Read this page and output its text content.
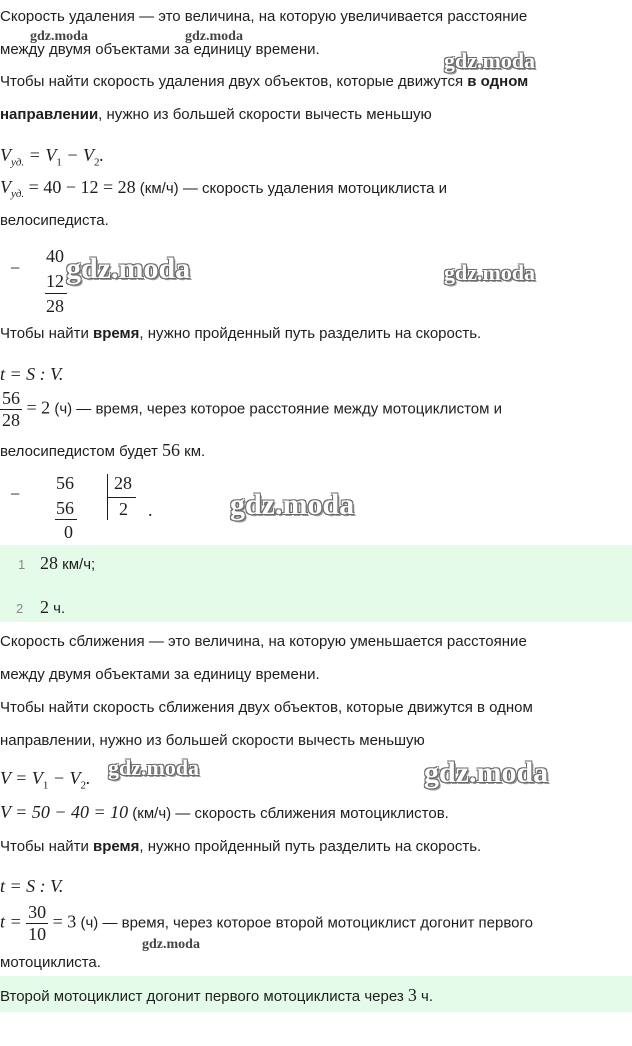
Скорость удаления — это величина, на которую увеличивается расстояние
между двумя объектами за единицу времени.
Чтобы найти скорость удаления двух объектов, которые движутся в одном
направлении, нужно из большей скорости вычесть меньшую
$V_{уд.} = V_1 - V_2$.
$V_{уд.} = 40 - 12 = 28$ (км/ч) — скорость удаления мотоциклиста и
велосипедиста.
−
40
12
28
Чтобы найти время, нужно пройденный путь разделить на скорость.
t = S : V.
$\frac{56}{28} = 2$ (ч) — время, через которое расстояние между мотоциклистом и
велосипедистом будет 56 км.
−
56
56
0
28
2 .
1 28 км/ч;
2 2 ч.
Скорость сближения — это величина, на которую уменьшается расстояние
между двумя объектами за единицу времени.
Чтобы найти скорость сближения двух объектов, которые движутся в одном
направлении, нужно из большей скорости вычесть меньшую
$V = V_1 - V_2$.
V = 50 − 40 = 10 (км/ч) — скорость сближения мотоциклистов.
Чтобы найти время, нужно пройденный путь разделить на скорость.
t = S : V.
$t = \frac{30}{10} = 3$ (ч) — время, через которое второй мотоциклист догонит первого
мотоциклиста.
Второй мотоциклист догонит первого мотоциклиста через 3 ч.
gdz.moda	gdz.moda
gdz.moda
gdz.moda	gdz.moda
gdz.moda
gdz.moda	gdz.moda
gdz.moda
